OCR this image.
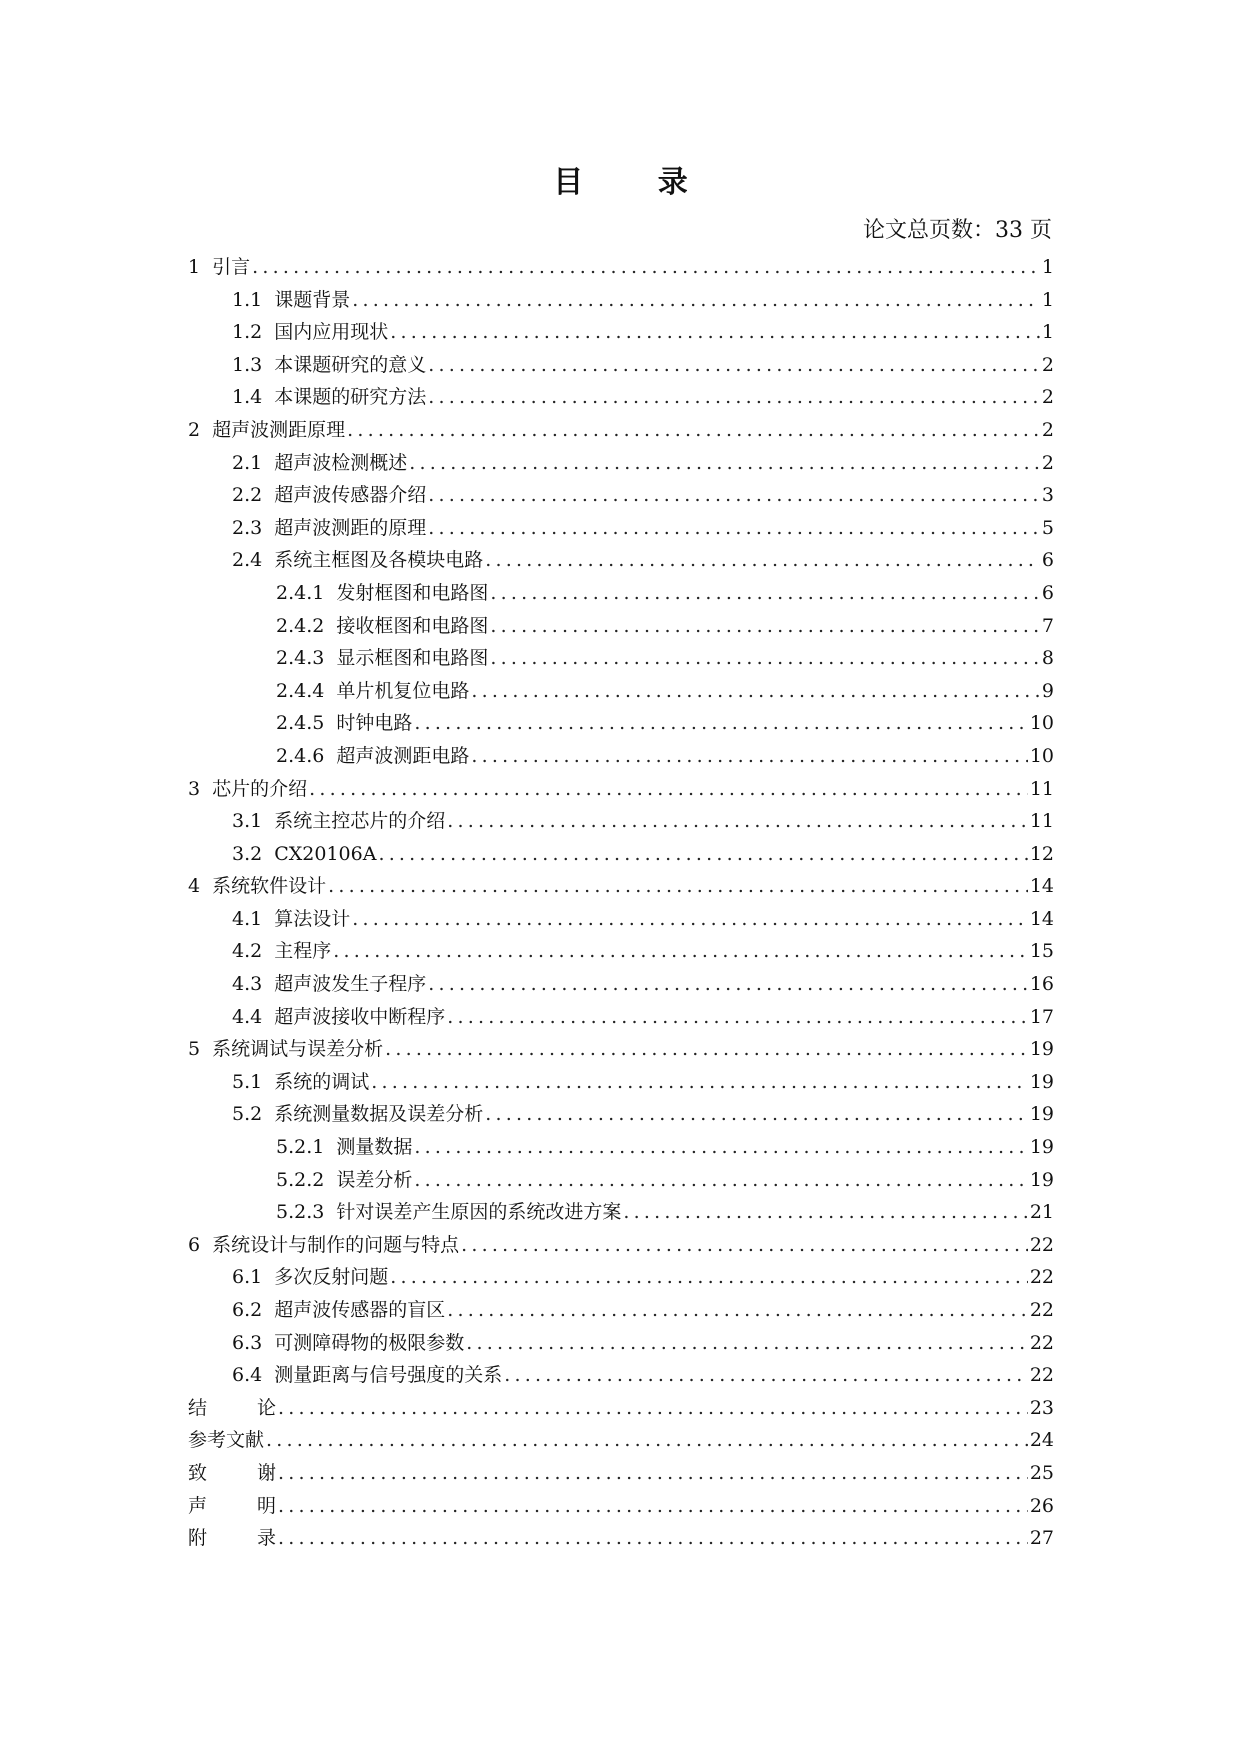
目 录
论文总页数：33 页
1 引言 .....	1
1.1 课题背景 .....	1
1.2 国内应用现状 .....	1
1.3 本课题研究的意义 .....	2
1.4 本课题的研究方法 .....	2
2 超声波测距原理 .....	2
2.1 超声波检测概述 .....	2
2.2 超声波传感器介绍 .....	3
2.3 超声波测距的原理 .....	5
2.4 系统主框图及各模块电路 .....	6
2.4.1 发射框图和电路图 .....	6
2.4.2 接收框图和电路图 .....	7
2.4.3 显示框图和电路图 .....	8
2.4.4 单片机复位电路 .....	9
2.4.5 时钟电路 .....	10
2.4.6 超声波测距电路 .....	10
3 芯片的介绍 .....	11
3.1 系统主控芯片的介绍 .....	11
3.2 CX20106A .....	12
4 系统软件设计 .....	14
4.1 算法设计 .....	14
4.2 主程序 .....	15
4.3 超声波发生子程序 .....	16
4.4 超声波接收中断程序 .....	17
5 系统调试与误差分析 .....	19
5.1 系统的调试 .....	19
5.2 系统测量数据及误差分析 .....	19
5.2.1 测量数据 .....	19
5.2.2 误差分析 .....	19
5.2.3 针对误差产生原因的系统改进方案 .....	21
6 系统设计与制作的问题与特点 .....	22
6.1 多次反射问题 .....	22
6.2 超声波传感器的盲区 .....	22
6.3 可测障碍物的极限参数 .....	22
6.4 测量距离与信号强度的关系 .....	22
结论 .....	23
参考文献 .....	24
致谢 .....	25
声明 .....	26
附录 .....	27
